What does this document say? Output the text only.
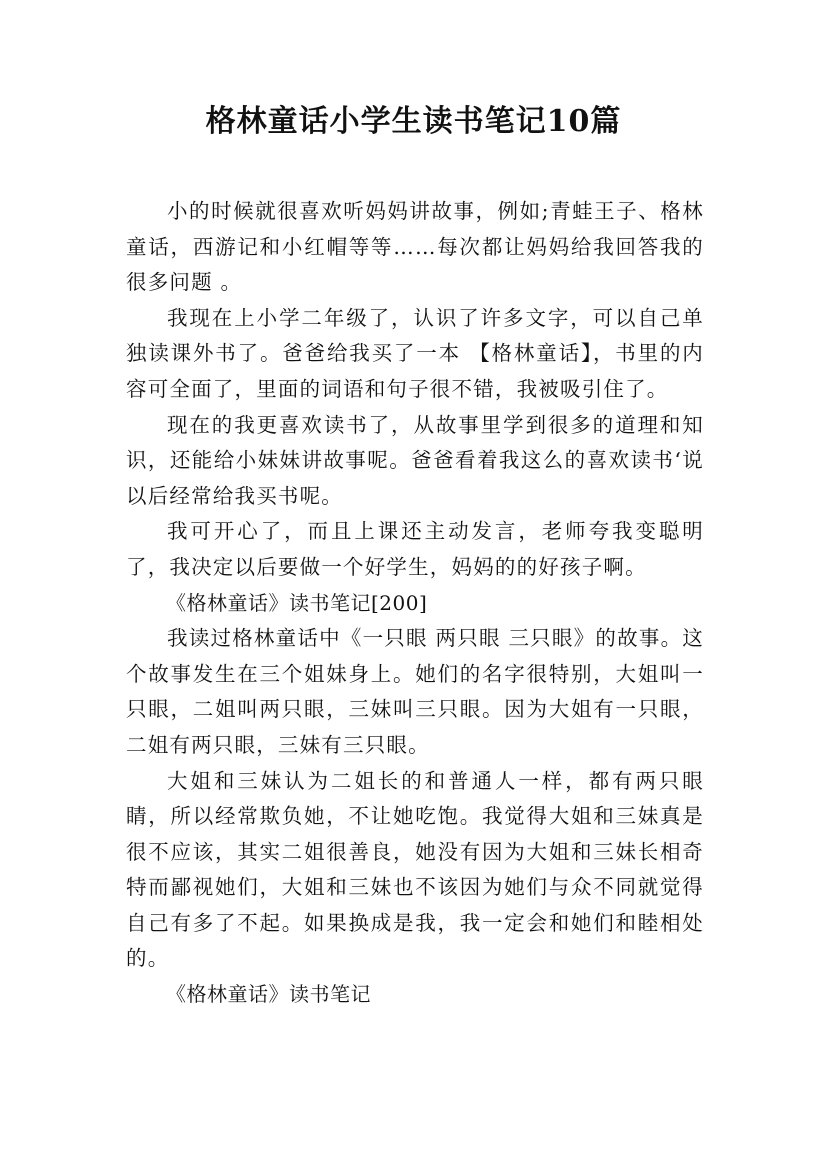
格林童话小学生读书笔记10篇

小的时候就很喜欢听妈妈讲故事，例如;青蛙王子、格林童话，西游记和小红帽等等……每次都让妈妈给我回答我的很多问题 。

我现在上小学二年级了，认识了许多文字，可以自己单独读课外书了。爸爸给我买了一本 【格林童话】，书里的内容可全面了，里面的词语和句子很不错，我被吸引住了。

现在的我更喜欢读书了，从故事里学到很多的道理和知识，还能给小妹妹讲故事呢。爸爸看着我这么的喜欢读书‘说以后经常给我买书呢。

我可开心了，而且上课还主动发言，老师夸我变聪明了，我决定以后要做一个好学生，妈妈的的好孩子啊。

《格林童话》读书笔记[200]

我读过格林童话中《一只眼 两只眼 三只眼》的故事。这个故事发生在三个姐妹身上。她们的名字很特别，大姐叫一只眼，二姐叫两只眼，三妹叫三只眼。因为大姐有一只眼，二姐有两只眼，三妹有三只眼。

大姐和三妹认为二姐长的和普通人一样，都有两只眼睛，所以经常欺负她，不让她吃饱。我觉得大姐和三妹真是很不应该，其实二姐很善良，她没有因为大姐和三妹长相奇特而鄙视她们，大姐和三妹也不该因为她们与众不同就觉得自己有多了不起。如果换成是我，我一定会和她们和睦相处的。

《格林童话》读书笔记
